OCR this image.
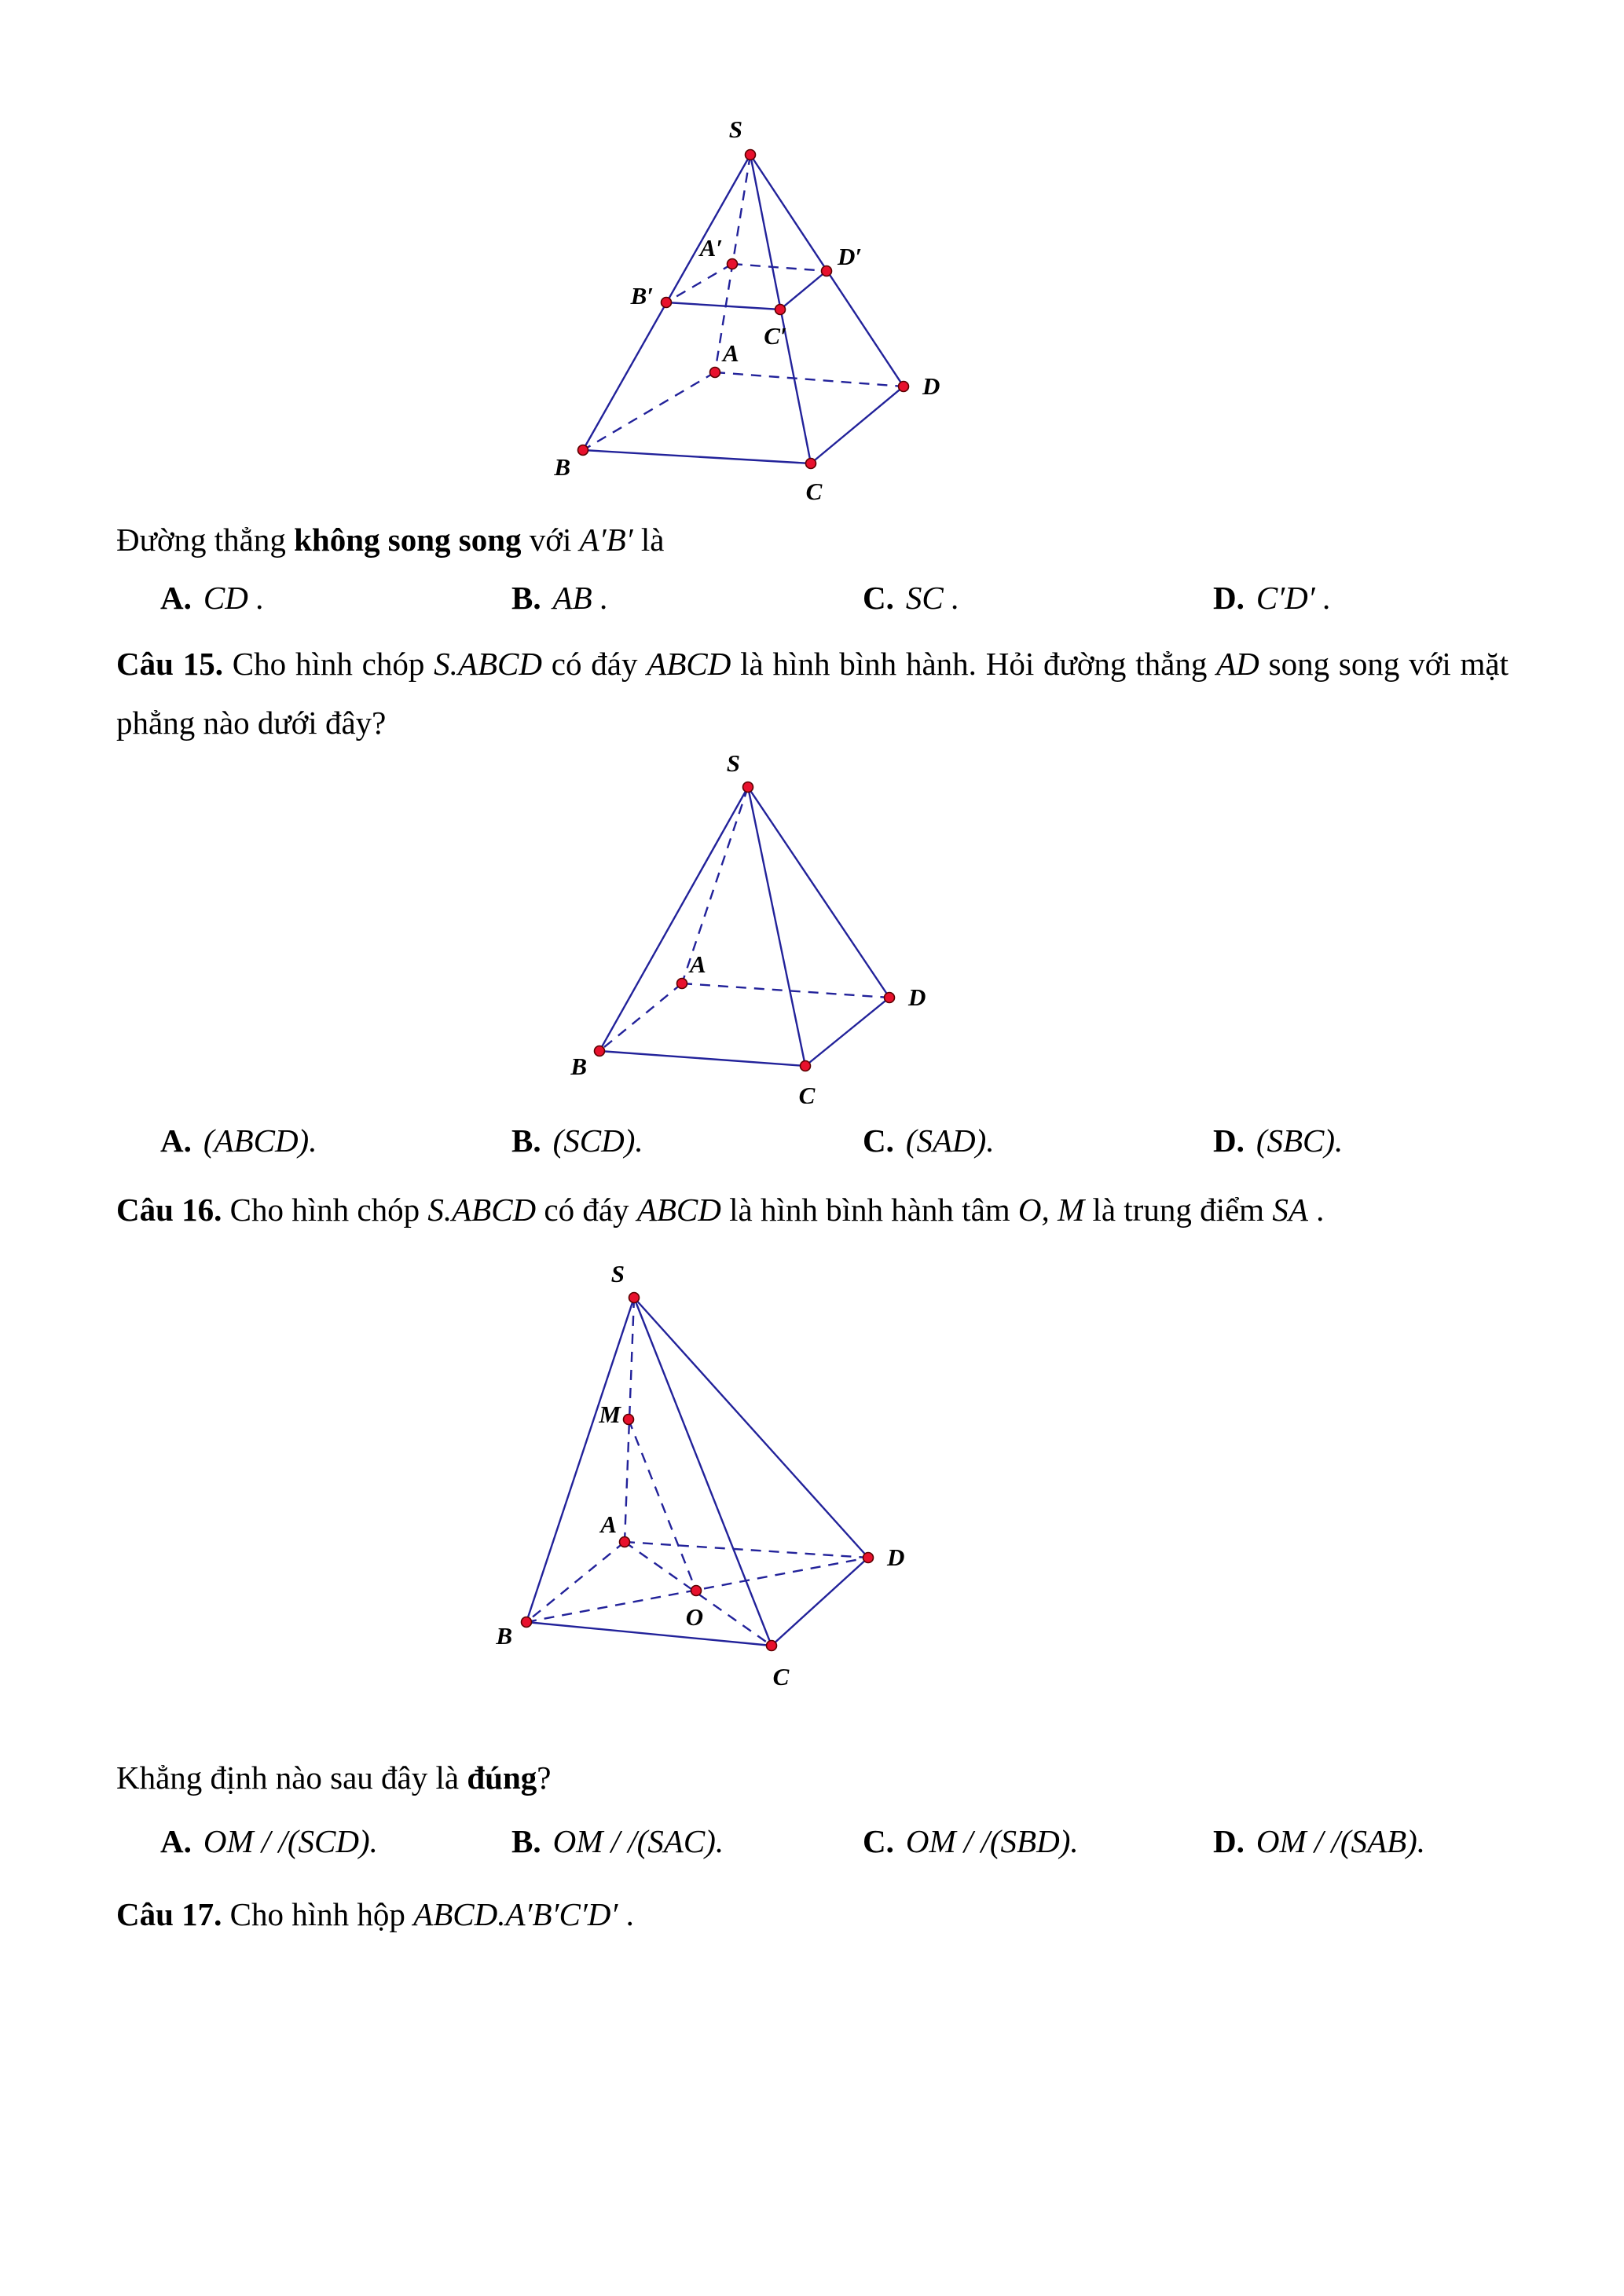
S
A′
B′
C′
D′
A
B
C
D
Đường thẳng không song song với A′B′ là
A. CD .	B. AB .	C. SC .	D. C′D′ .
Câu 15. Cho hình chóp S.ABCD có đáy ABCD là hình bình hành. Hỏi đường thẳng AD song song với mặt phẳng nào dưới đây?
S
A
B
C
D
A. (ABCD).	B. (SCD).	C. (SAD).	D. (SBC).
Câu 16. Cho hình chóp S.ABCD có đáy ABCD là hình bình hành tâm O, M là trung điểm SA .
S
M
A
O
B
C
D
Khẳng định nào sau đây là đúng?
A. OM / /(SCD).	B. OM / /(SAC).	C. OM / /(SBD).	D. OM / /(SAB).
Câu 17. Cho hình hộp ABCD.A′B′C′D′ .
